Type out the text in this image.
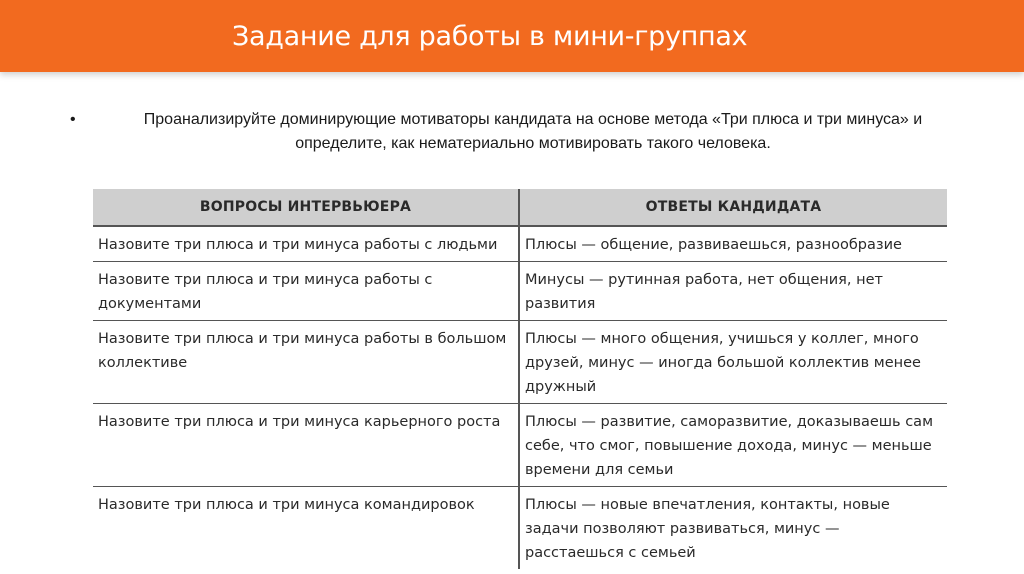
Задание для работы в мини-группах
•	Проанализируйте доминирующие мотиваторы кандидата на основе метода «Три плюса и три минуса» и определите, как нематериально мотивировать такого человека.
ВОПРОСЫ ИНТЕРВЬЮЕРА	ОТВЕТЫ КАНДИДАТА
Назовите три плюса и три минуса работы с людьми	Плюсы — общение, развиваешься, разнообразие
Назовите три плюса и три минуса работы с документами	Минусы — рутинная работа, нет общения, нет развития
Назовите три плюса и три минуса работы в большом коллективе	Плюсы — много общения, учишься у коллег, много друзей, минус — иногда большой коллектив менее дружный
Назовите три плюса и три минуса карьерного роста	Плюсы — развитие, саморазвитие, доказываешь сам себе, что смог, повышение дохода, минус — меньше времени для семьи
Назовите три плюса и три минуса командировок	Плюсы — новые впечатления, контакты, новые задачи позволяют развиваться, минус — расстаешься с семьей
